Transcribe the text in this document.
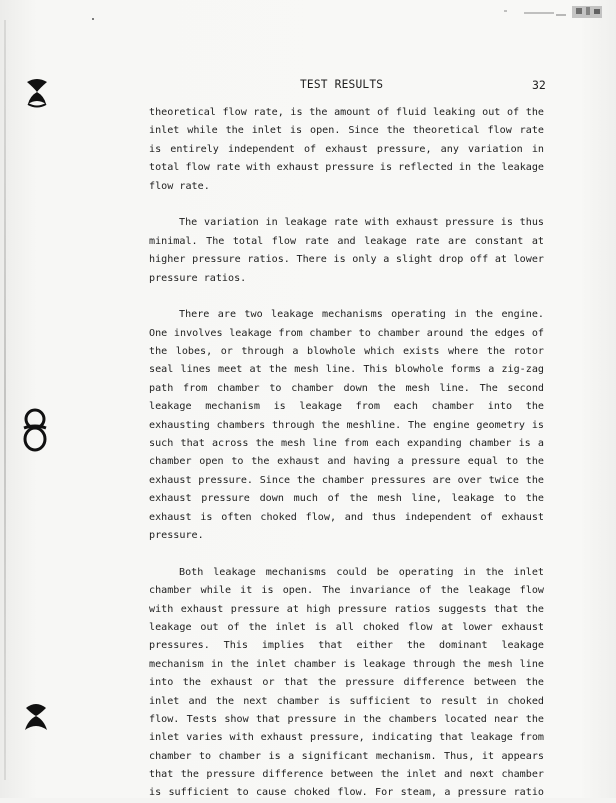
TEST RESULTS	32
theoretical flow rate, is the amount of fluid leaking out of the
inlet while the inlet is open. Since the theoretical flow rate
is entirely independent of exhaust pressure, any variation in
total flow rate with exhaust pressure is reflected in the leakage
flow rate.
The variation in leakage rate with exhaust pressure is thus
minimal. The total flow rate and leakage rate are constant at
higher pressure ratios. There is only a slight drop off at lower
pressure ratios.
There are two leakage mechanisms operating in the engine.
One involves leakage from chamber to chamber around the edges of
the lobes, or through a blowhole which exists where the rotor
seal lines meet at the mesh line. This blowhole forms a zig-zag
path from chamber to chamber down the mesh line. The second
leakage mechanism is leakage from each chamber into the
exhausting chambers through the meshline. The engine geometry is
such that across the mesh line from each expanding chamber is a
chamber open to the exhaust and having a pressure equal to the
exhaust pressure. Since the chamber pressures are over twice the
exhaust pressure down much of the mesh line, leakage to the
exhaust is often choked flow, and thus independent of exhaust
pressure.
Both leakage mechanisms could be operating in the inlet
chamber while it is open. The invariance of the leakage flow
with exhaust pressure at high pressure ratios suggests that the
leakage out of the inlet is all choked flow at lower exhaust
pressures. This implies that either the dominant leakage
mechanism in the inlet chamber is leakage through the mesh line
into the exhaust or that the pressure difference between the
inlet and the next chamber is sufficient to result in choked
flow. Tests show that pressure in the chambers located near the
inlet varies with exhaust pressure, indicating that leakage from
chamber to chamber is a significant mechanism. Thus, it appears
that the pressure difference between the inlet and next chamber
is sufficient to cause choked flow. For steam, a pressure ratio
